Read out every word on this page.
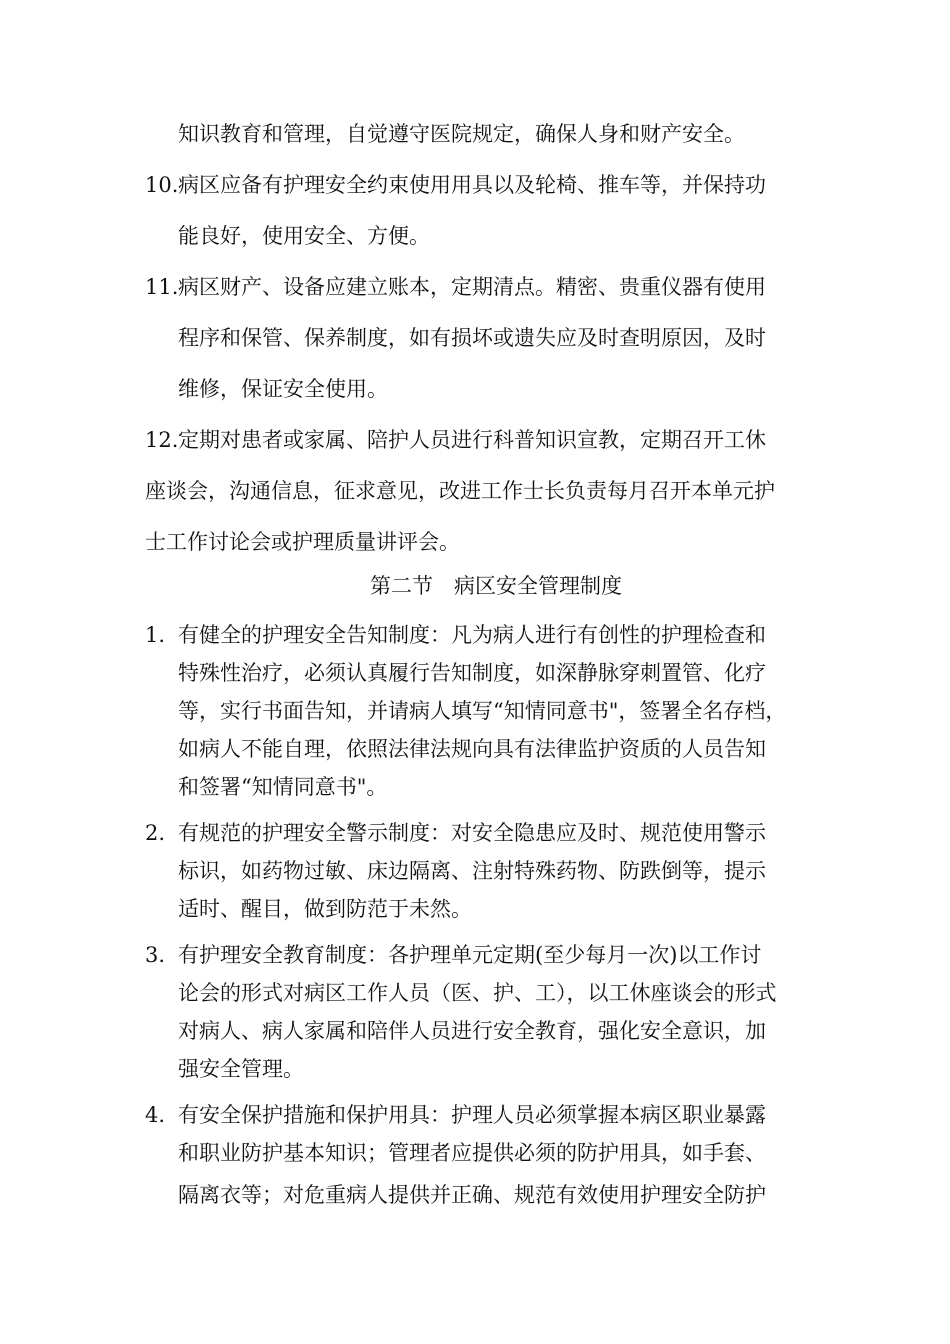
知识教育和管理，自觉遵守医院规定，确保人身和财产安全。
10. 病区应备有护理安全约束使用用具以及轮椅、推车等，并保持功
能良好，使用安全、方便。
11. 病区财产、设备应建立账本，定期清点。精密、贵重仪器有使用
程序和保管、保养制度，如有损坏或遗失应及时查明原因，及时
维修，保证安全使用。
12. 定期对患者或家属、陪护人员进行科普知识宣教，定期召开工休
座谈会，沟通信息，征求意见，改进工作士长负责每月召开本单元护
士工作讨论会或护理质量讲评会。
第二节　病区安全管理制度
1. 有健全的护理安全告知制度：凡为病人进行有创性的护理检查和
特殊性治疗，必须认真履行告知制度，如深静脉穿刺置管、化疗
等，实行书面告知，并请病人填写“知情同意书"，签署全名存档，
如病人不能自理，依照法律法规向具有法律监护资质的人员告知
和签署“知情同意书"。
2. 有规范的护理安全警示制度：对安全隐患应及时、规范使用警示
标识，如药物过敏、床边隔离、注射特殊药物、防跌倒等，提示
适时、醒目，做到防范于未然。
3. 有护理安全教育制度：各护理单元定期(至少每月一次)以工作讨
论会的形式对病区工作人员（医、护、工），以工休座谈会的形式
对病人、病人家属和陪伴人员进行安全教育，强化安全意识，加
强安全管理。
4. 有安全保护措施和保护用具：护理人员必须掌握本病区职业暴露
和职业防护基本知识；管理者应提供必须的防护用具，如手套、
隔离衣等；对危重病人提供并正确、规范有效使用护理安全防护
